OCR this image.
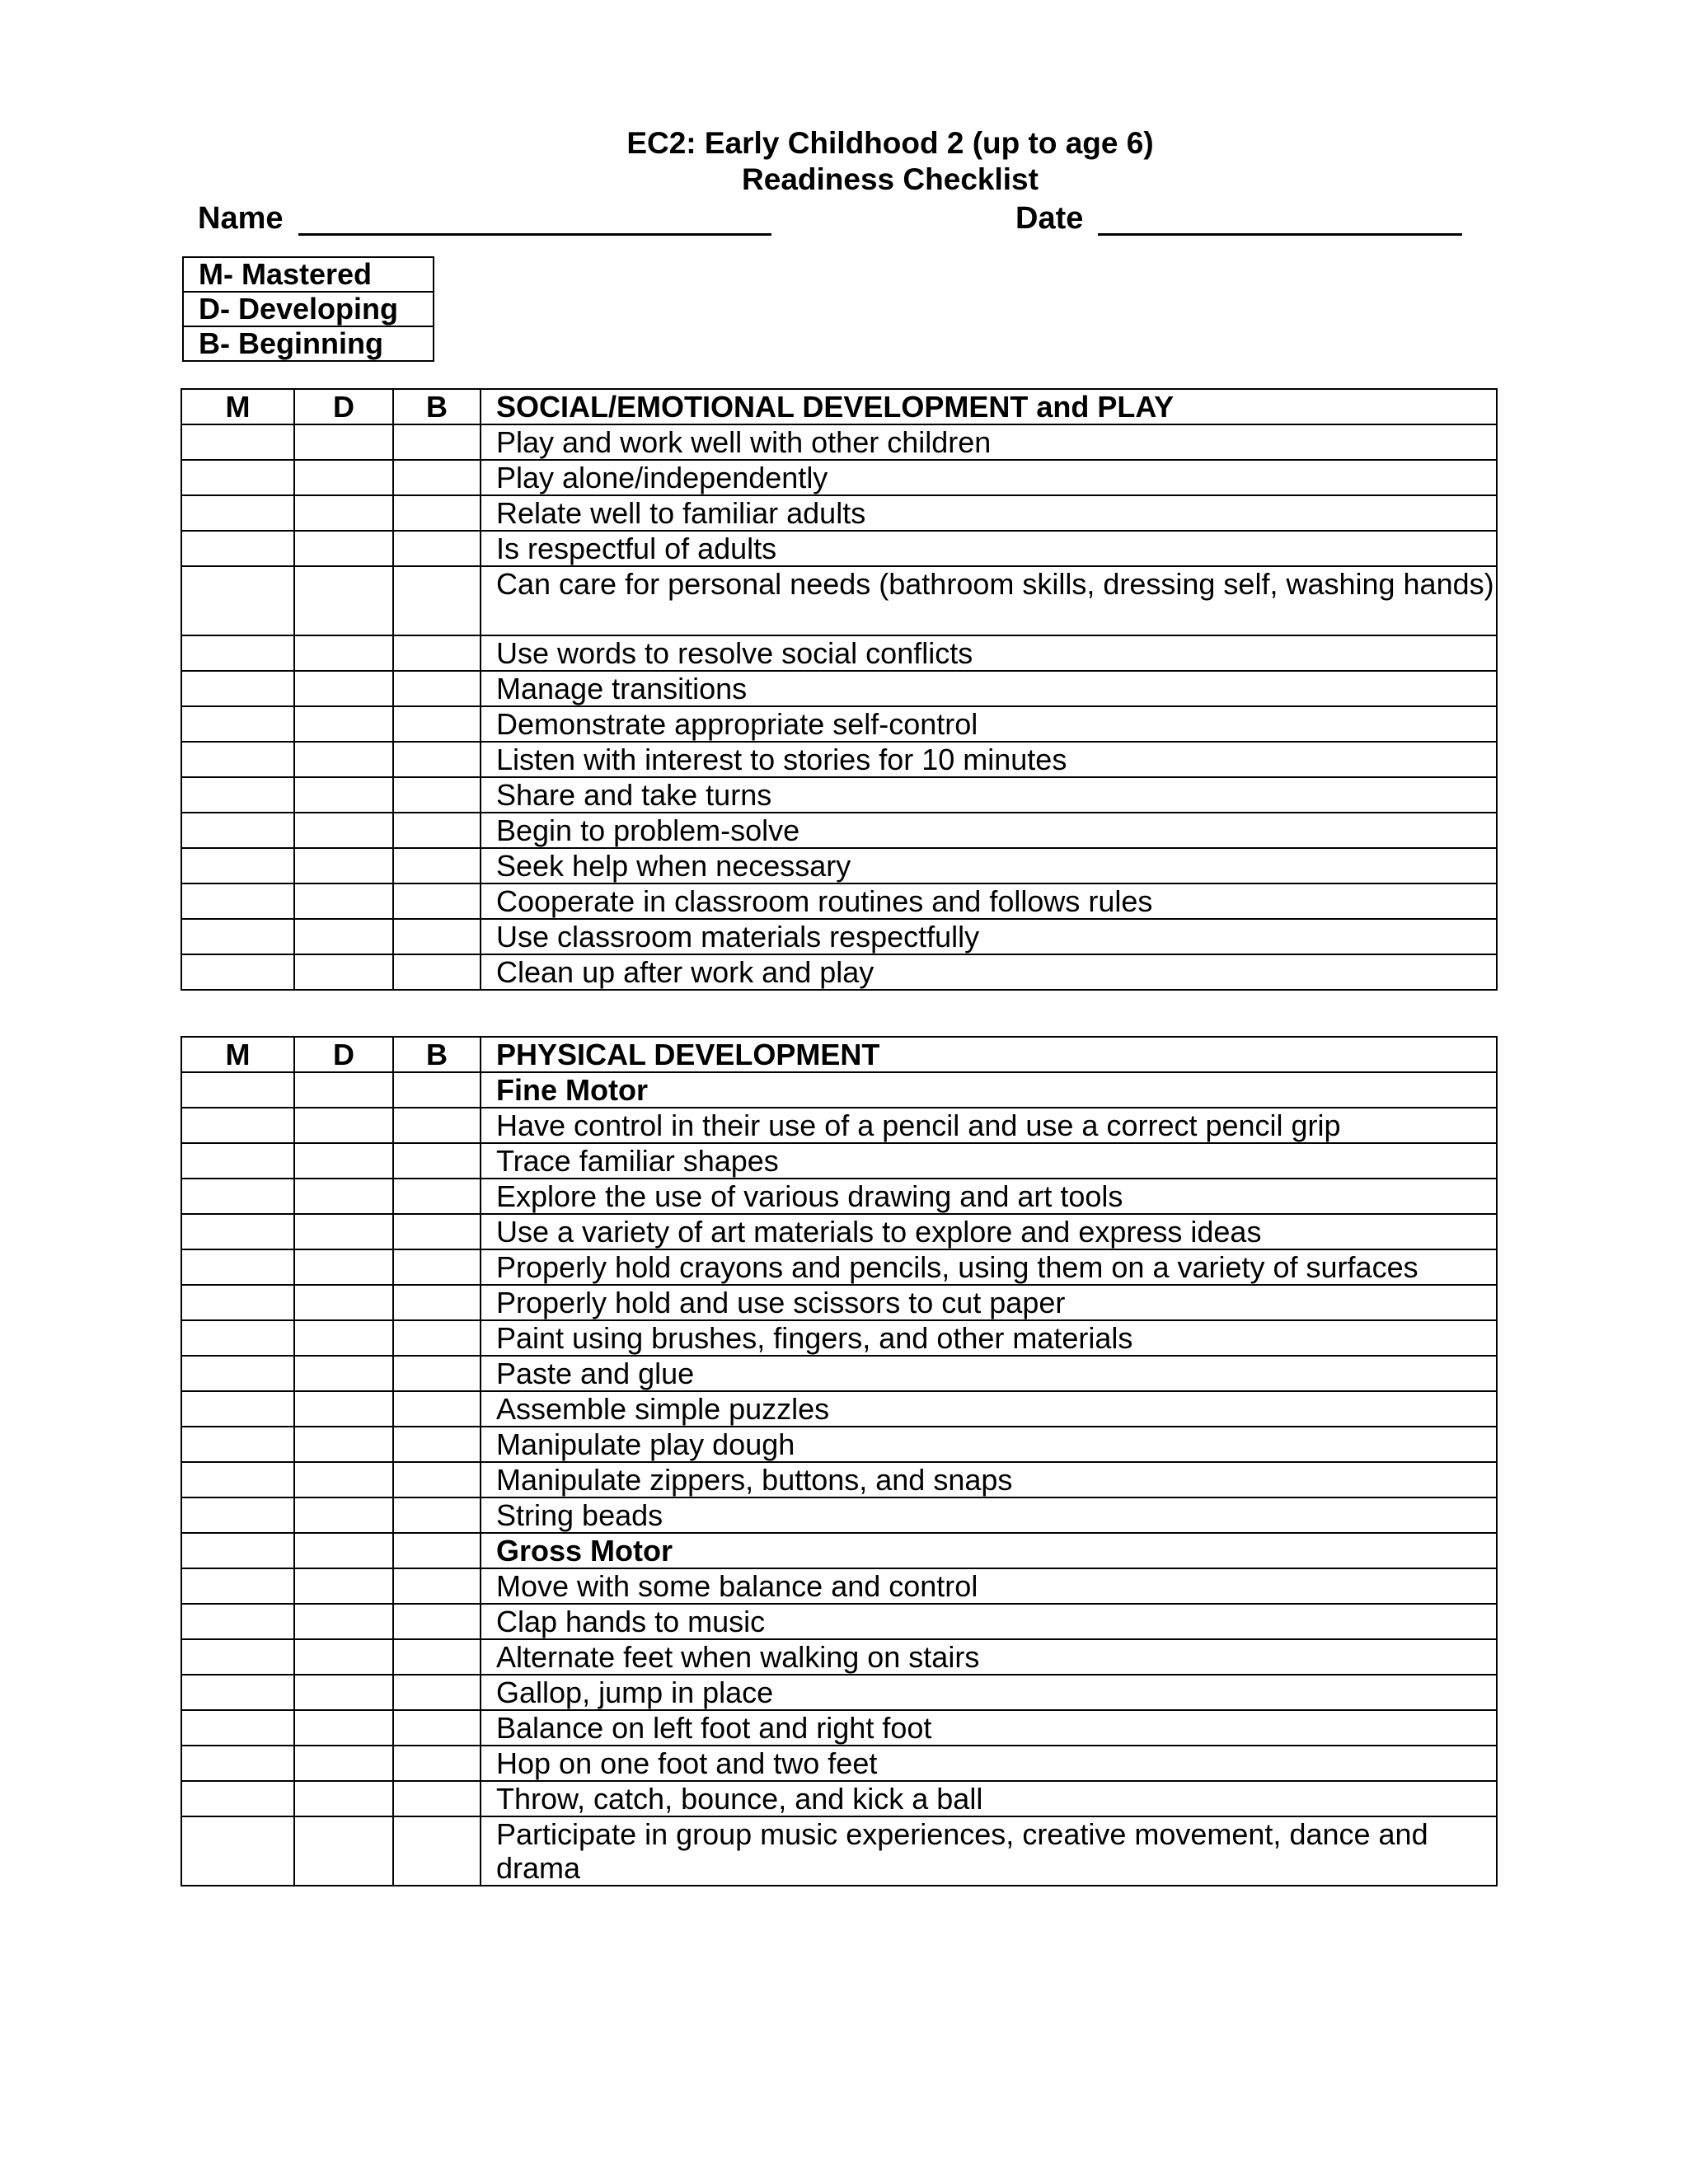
EC2: Early Childhood 2 (up to age 6)
Readiness Checklist
Name	Date
M- Mastered
D- Developing
B- Beginning
M	D	B	SOCIAL/EMOTIONAL DEVELOPMENT and PLAY
			Play and work well with other children
			Play alone/independently
			Relate well to familiar adults
			Is respectful of adults
			Can care for personal needs (bathroom skills, dressing self, washing hands)
			Use words to resolve social conflicts
			Manage transitions
			Demonstrate appropriate self-control
			Listen with interest to stories for 10 minutes
			Share and take turns
			Begin to problem-solve
			Seek help when necessary
			Cooperate in classroom routines and follows rules
			Use classroom materials respectfully
			Clean up after work and play
M	D	B	PHYSICAL DEVELOPMENT
			Fine Motor
			Have control in their use of a pencil and use a correct pencil grip
			Trace familiar shapes
			Explore the use of various drawing and art tools
			Use a variety of art materials to explore and express ideas
			Properly hold crayons and pencils, using them on a variety of surfaces
			Properly hold and use scissors to cut paper
			Paint using brushes, fingers, and other materials
			Paste and glue
			Assemble simple puzzles
			Manipulate play dough
			Manipulate zippers, buttons, and snaps
			String beads
			Gross Motor
			Move with some balance and control
			Clap hands to music
			Alternate feet when walking on stairs
			Gallop, jump in place
			Balance on left foot and right foot
			Hop on one foot and two feet
			Throw, catch, bounce, and kick a ball
			Participate in group music experiences, creative movement, dance and drama
